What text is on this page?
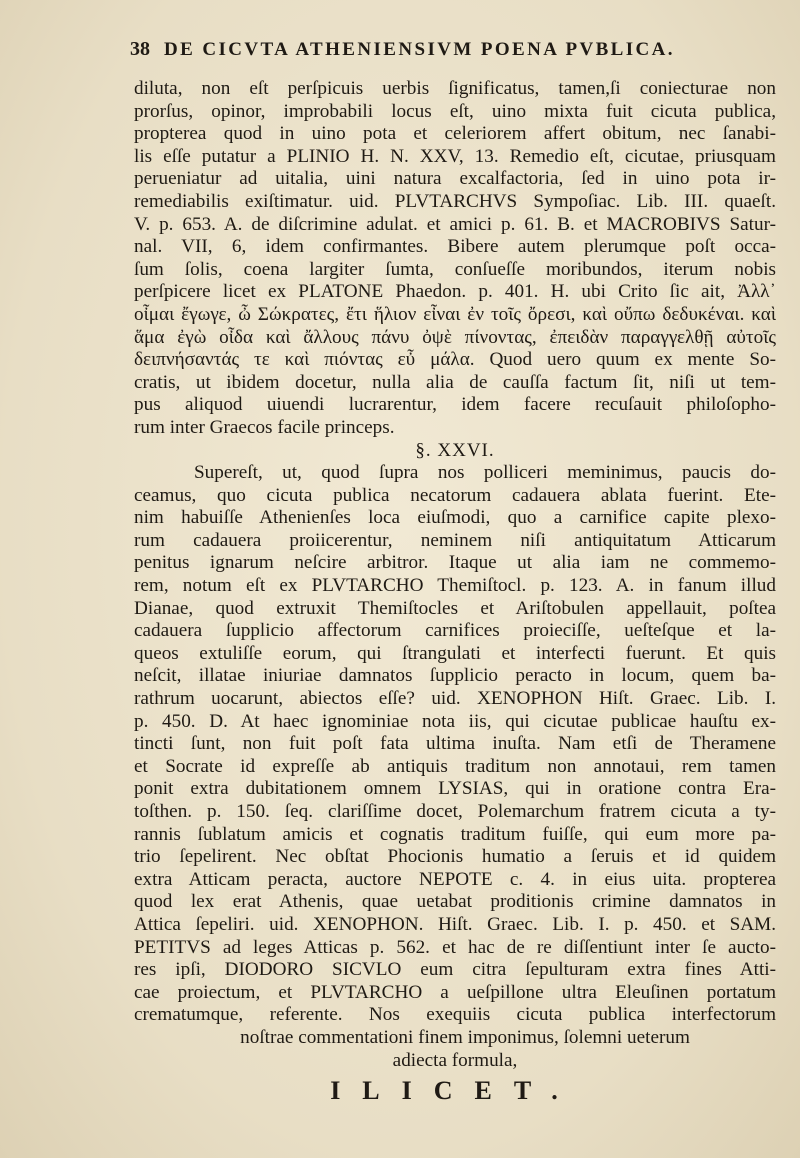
38 DE CICVTA ATHENIENSIVM POENA PVBLICA.
diluta, non eſt perſpicuis uerbis ſignificatus, tamen,ſi coniecturae non
prorſus, opinor, improbabili locus eſt, uino mixta fuit cicuta publica,
propterea quod in uino pota et celeriorem affert obitum, nec ſanabi-
lis eſſe putatur a PLINIO H. N. XXV, 13. Remedio eſt, cicutae, priusquam
perueniatur ad uitalia, uini natura excalfactoria, ſed in uino pota ir-
remediabilis exiſtimatur. uid. PLVTARCHVS Sympoſiac. Lib. III. quaeſt.
V. p. 653. A. de diſcrimine adulat. et amici p. 61. B. et MACROBIVS Satur-
nal. VII, 6, idem confirmantes. Bibere autem plerumque poſt occa-
ſum ſolis, coena largiter ſumta, conſueſſe moribundos, iterum nobis
perſpicere licet ex PLATONE Phaedon. p. 401. H. ubi Crito ſic ait, Ἀλλ᾽
οἶμαι ἔγωγε, ὦ Σώκρατες, ἔτι ἥλιον εἶναι ἐν τοῖς ὄρεσι, καὶ οὔπω δεδυκέναι. καὶ
ἅμα ἐγὼ οἶδα καὶ ἄλλους πάνυ ὀψὲ πίνοντας, ἐπειδὰν παραγγελθῇ αὐτοῖς
δειπνήσαντάς τε καὶ πιόντας εὖ μάλα. Quod uero quum ex mente So-
cratis, ut ibidem docetur, nulla alia de cauſſa factum ſit, niſi ut tem-
pus aliquod uiuendi lucrarentur, idem facere recuſauit philoſopho-
rum inter Graecos facile princeps.
§. XXVI.
Supereſt, ut, quod ſupra nos polliceri meminimus, paucis do-
ceamus, quo cicuta publica necatorum cadauera ablata fuerint. Ete-
nim habuiſſe Athenienſes loca eiuſmodi, quo a carnifice capite plexo-
rum cadauera proiicerentur, neminem niſi antiquitatum Atticarum
penitus ignarum neſcire arbitror. Itaque ut alia iam ne commemo-
rem, notum eſt ex PLVTARCHO Themiſtocl. p. 123. A. in fanum illud
Dianae, quod extruxit Themiſtocles et Ariſtobulen appellauit, poſtea
cadauera ſupplicio affectorum carnifices proieciſſe, ueſteſque et la-
queos extuliſſe eorum, qui ſtrangulati et interfecti fuerunt. Et quis
neſcit, illatae iniuriae damnatos ſupplicio peracto in locum, quem ba-
rathrum uocarunt, abiectos eſſe? uid. XENOPHON Hiſt. Graec. Lib. I.
p. 450. D. At haec ignominiae nota iis, qui cicutae publicae hauſtu ex-
tincti ſunt, non fuit poſt fata ultima inuſta. Nam etſi de Theramene
et Socrate id expreſſe ab antiquis traditum non annotaui, rem tamen
ponit extra dubitationem omnem LYSIAS, qui in oratione contra Era-
toſthen. p. 150. ſeq. clariſſime docet, Polemarchum fratrem cicuta a ty-
rannis ſublatum amicis et cognatis traditum fuiſſe, qui eum more pa-
trio ſepelirent. Nec obſtat Phocionis humatio a ſeruis et id quidem
extra Atticam peracta, auctore NEPOTE c. 4. in eius uita. propterea
quod lex erat Athenis, quae uetabat proditionis crimine damnatos in
Attica ſepeliri. uid. XENOPHON. Hiſt. Graec. Lib. I. p. 450. et SAM.
PETITVS ad leges Atticas p. 562. et hac de re diſſentiunt inter ſe aucto-
res ipſi, DIODORO SICVLO eum citra ſepulturam extra fines Atti-
cae proiectum, et PLVTARCHO a ueſpillone ultra Eleuſinen portatum
crematumque, referente. Nos exequiis cicuta publica interfectorum
noſtrae commentationi finem imponimus, ſolemni ueterum
adiecta formula,
ILICET.
